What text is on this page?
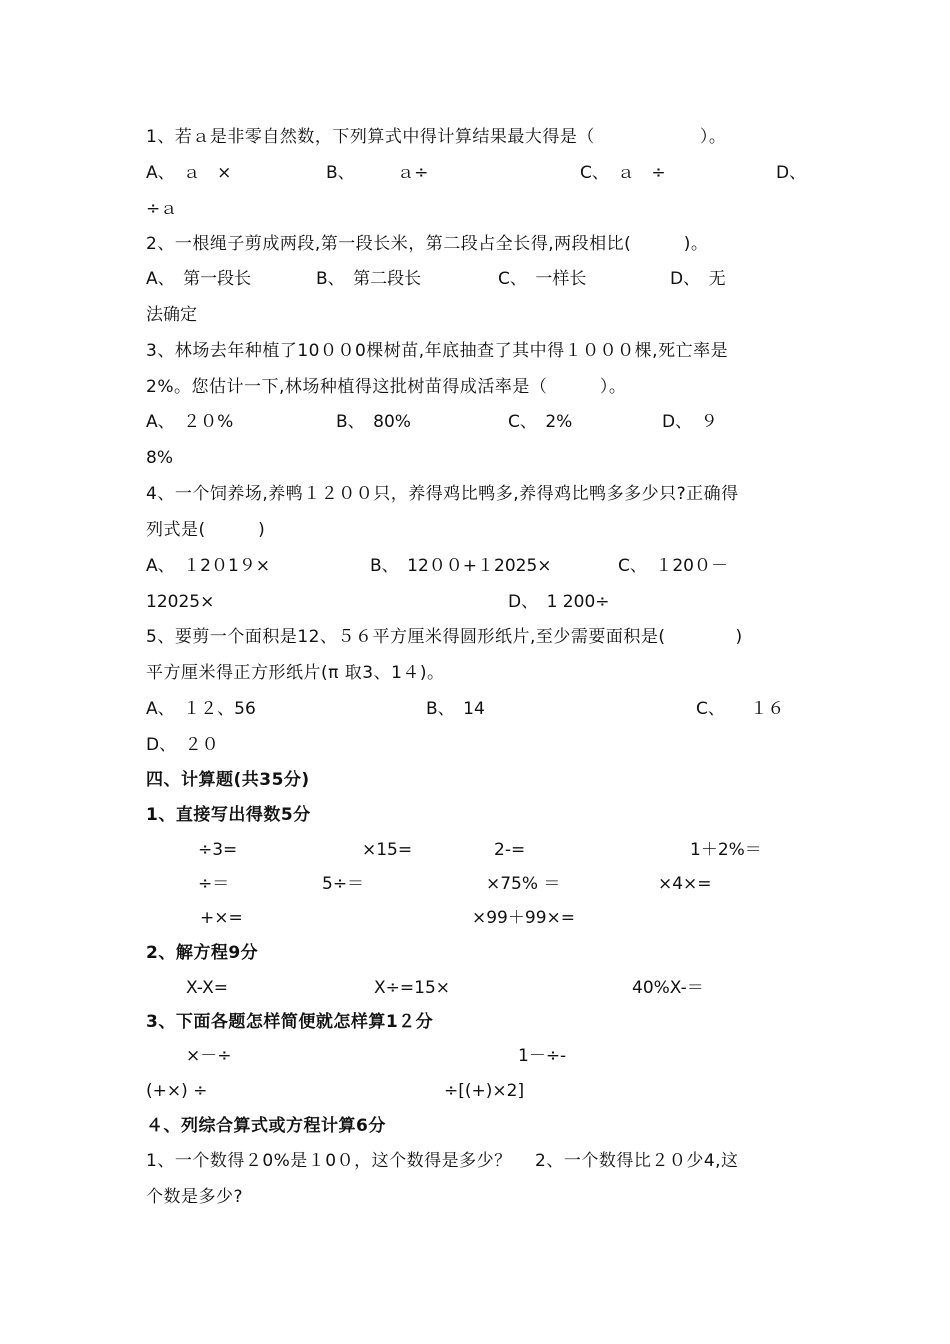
1、若ａ是非零自然数，下列算式中得计算结果最大得是（　　　　　　）。
A、　ａ　×	B、　　　ａ÷	C、　ａ　÷	D、
÷ａ
2、一根绳子剪成两段,第一段长米，第二段占全长得,两段相比(　　　)。
A、　第一段长	B、　第二段长	C、　一样长	D、　无
法确定
3、林场去年种植了10００0棵树苗,年底抽查了其中得１０００棵,死亡率是
2%。您估计一下,林场种植得这批树苗得成活率是（　　　）。
A、　２０%	B、　80%	C、　2%	D、　９
8%
4、一个饲养场,养鸭１２００只，养得鸡比鸭多,养得鸡比鸭多多少只?正确得
列式是(　　　)
A、　１2０1９×	B、　12００+１2025×	C、　１20０－
12025×	D、　1 200÷
5、要剪一个面积是12、５６平方厘米得圆形纸片,至少需要面积是(　　　　)
平方厘米得正方形纸片(π 取3、1４)。
A、　１２、56	B、　14	C、　　１６
D、　２０
四、计算题(共35分)
1、直接写出得数5分
÷3=	×15=	2-=	1＋2%＝
÷＝	5÷＝	×75% ＝	×4×=
+×=	×99＋99×=
2、解方程9分
X-X=	X÷=15×	40%X-＝
3、下面各题怎样简便就怎样算1２分
×－÷	1－÷-
(+×) ÷	÷[(+)×2]
４、列综合算式或方程计算6分
1、一个数得２0%是１0０，这个数得是多少？　 2、一个数得比２０少4,这
个数是多少?
